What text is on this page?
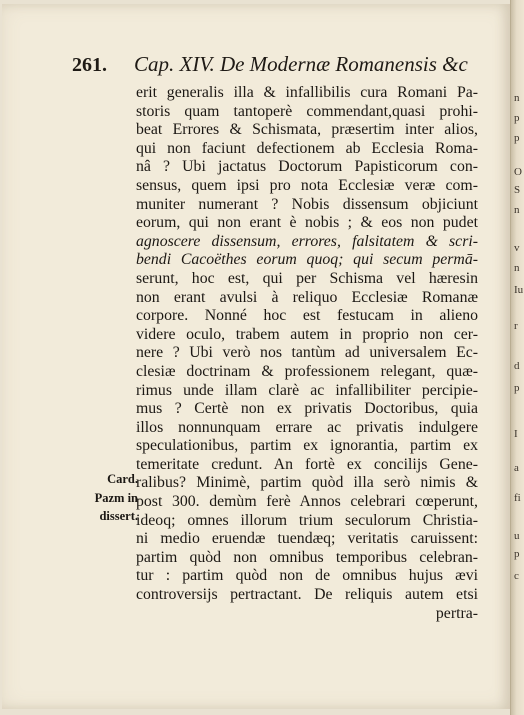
261. Cap. XIV. De Modernæ Romanensis &c
erit generalis illa & infallibilis cura Romani Pa-
storis quam tantoperè commendant,quasi prohi-
beat Errores & Schismata, præsertim inter alios,
qui non faciunt defectionem ab Ecclesia Roma-
nâ ? Ubi jactatus Doctorum Papisticorum con-
sensus, quem ipsi pro nota Ecclesiæ veræ com-
muniter numerant ? Nobis dissensum objiciunt
eorum, qui non erant è nobis ; & eos non pudet
agnoscere dissensum, errores, falsitatem & scri-
bendi Cacoëthes eorum quoq; qui secum permā-
serunt, hoc est, qui per Schisma vel hæresin
non erant avulsi à reliquo Ecclesiæ Romanæ
corpore. Nonné hoc est festucam in alieno
videre oculo, trabem autem in proprio non cer-
nere ? Ubi verò nos tantùm ad universalem Ec-
clesiæ doctrinam & professionem relegant, quæ-
rimus unde illam clarè ac infallibiliter percipie-
mus ? Certè non ex privatis Doctoribus, quia
illos nonnunquam errare ac privatis indulgere
speculationibus, partim ex ignorantia, partim ex
temeritate credunt. An fortè ex concilijs Gene-
ralibus? Minimè, partim quòd illa serò nimis &
post 300. demùm ferè Annos celebrari cœperunt,
ideoq; omnes illorum trium seculorum Christia-
ni medio eruendæ tuendæq; veritatis caruissent:
partim quòd non omnibus temporibus celebran-
tur : partim quòd non de omnibus hujus ævi
controversijs pertractant. De reliquis autem etsi
pertra-
Card.
Pazm in
dissert.
n
p
p
O
S
n
v
n
Iu
r
d
p
I
a
fi
u
p
c
